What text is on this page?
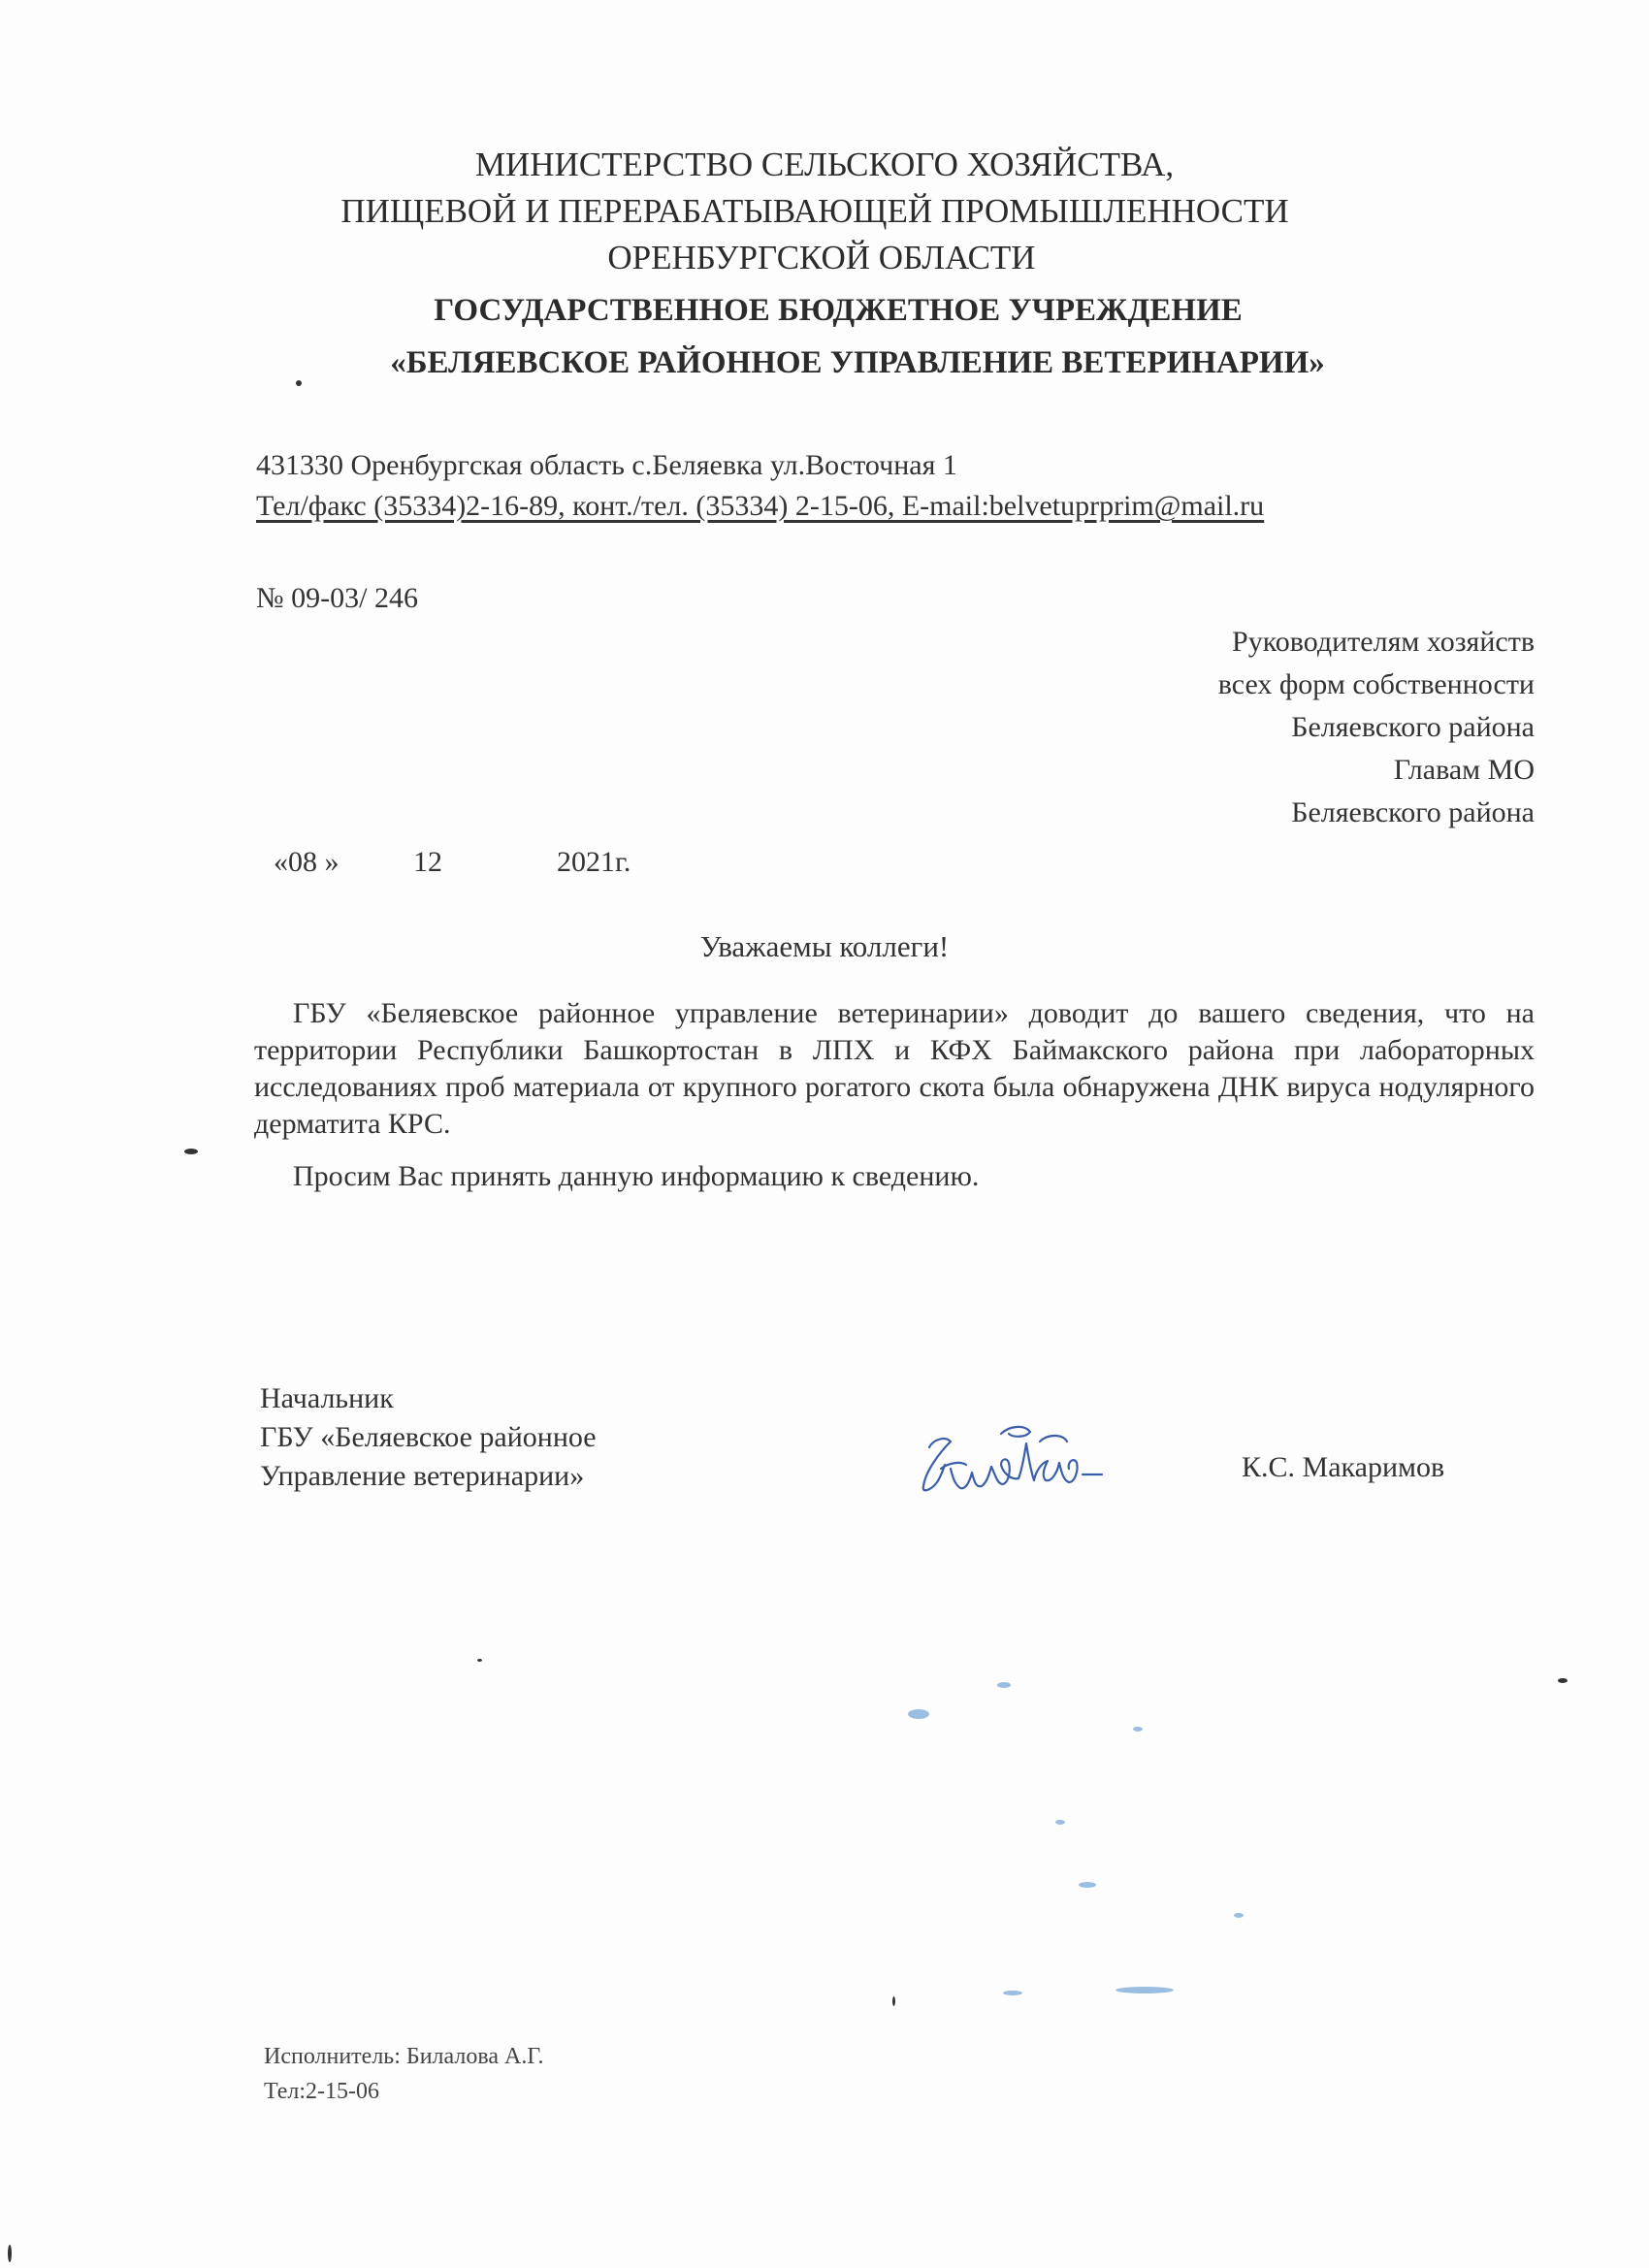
МИНИСТЕРСТВО СЕЛЬСКОГО ХОЗЯЙСТВА,
ПИЩЕВОЙ И ПЕРЕРАБАТЫВАЮЩЕЙ ПРОМЫШЛЕННОСТИ
ОРЕНБУРГСКОЙ ОБЛАСТИ
ГОСУДАРСТВЕННОЕ БЮДЖЕТНОЕ УЧРЕЖДЕНИЕ
«БЕЛЯЕВСКОЕ РАЙОННОЕ УПРАВЛЕНИЕ ВЕТЕРИНАРИИ»
431330 Оренбургская область с.Беляевка ул.Восточная 1
Тел/факс (35334)2-16-89, конт./тел. (35334) 2-15-06, E-mail:belvetuprprim@mail.ru
№ 09-03/ 246
Руководителям хозяйств
всех форм собственности
Беляевского района
Главам МО
Беляевского района
«08 »	12	2021г.
Уважаемы коллеги!
ГБУ «Беляевское районное управление ветеринарии» доводит до вашего сведения, что на территории Республики Башкортостан в ЛПХ и КФХ Баймакского района при лабораторных исследованиях проб материала от крупного рогатого скота была обнаружена ДНК вируса нодулярного дерматита КРС.
Просим Вас принять данную информацию к сведению.
Начальник
ГБУ «Беляевское районное
Управление ветеринарии»	К.С. Макаримов
Исполнитель: Билалова А.Г.
Тел:2-15-06
